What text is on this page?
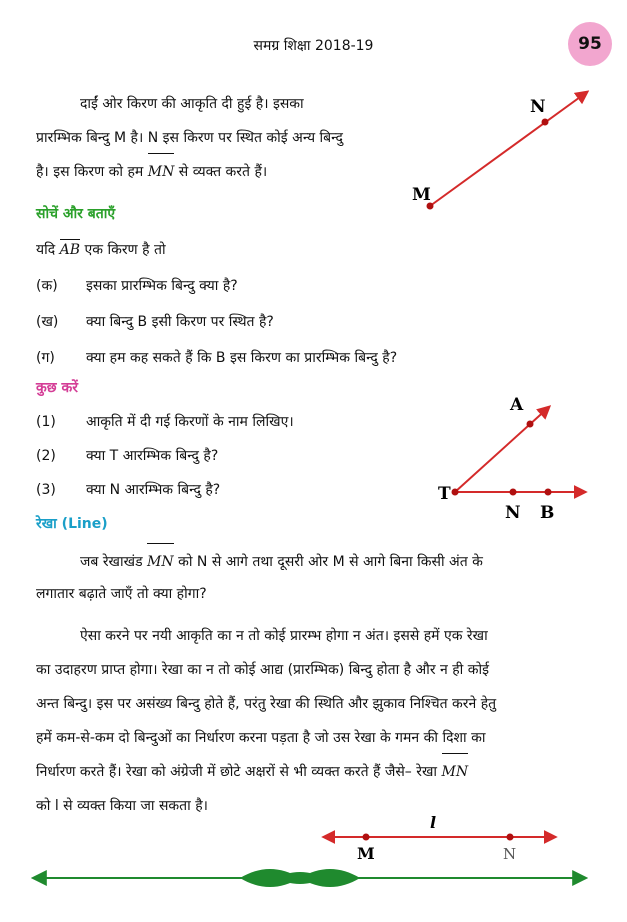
समग्र शिक्षा 2018-19	95
दाईं ओर किरण की आकृति दी हुई है। इसका
प्रारम्भिक बिन्दु M है। N इस किरण पर स्थित कोई अन्य बिन्दु
है। इस किरण को हम MN से व्यक्त करते हैं।
सोचें और बताएँ
यदि AB एक किरण है तो
(क) इसका प्रारम्भिक बिन्दु क्या है?
(ख) क्या बिन्दु B इसी किरण पर स्थित है?
(ग) क्या हम कह सकते हैं कि B इस किरण का प्रारम्भिक बिन्दु है?
कुछ करें
(1) आकृति में दी गई किरणों के नाम लिखिए।
(2) क्या T आरम्भिक बिन्दु है?
(3) क्या N आरम्भिक बिन्दु है?
रेखा (Line)
जब रेखाखंड MN को N से आगे तथा दूसरी ओर M से आगे बिना किसी अंत के
लगातार बढ़ाते जाएँ तो क्या होगा?
ऐसा करने पर नयी आकृति का न तो कोई प्रारम्भ होगा न अंत। इससे हमें एक रेखा
का उदाहरण प्राप्त होगा। रेखा का न तो कोई आद्य (प्रारम्भिक) बिन्दु होता है और न ही कोई
अन्त बिन्दु। इस पर असंख्य बिन्दु होते हैं, परंतु रेखा की स्थिति और झुकाव निश्चित करने हेतु
हमें कम-से-कम दो बिन्दुओं का निर्धारण करना पड़ता है जो उस रेखा के गमन की दिशा का
निर्धारण करते हैं। रेखा को अंग्रेजी में छोटे अक्षरों से भी व्यक्त करते हैं जैसे– रेखा MN
को l से व्यक्त किया जा सकता है।
M
N
T
A
N B
l
M	N
